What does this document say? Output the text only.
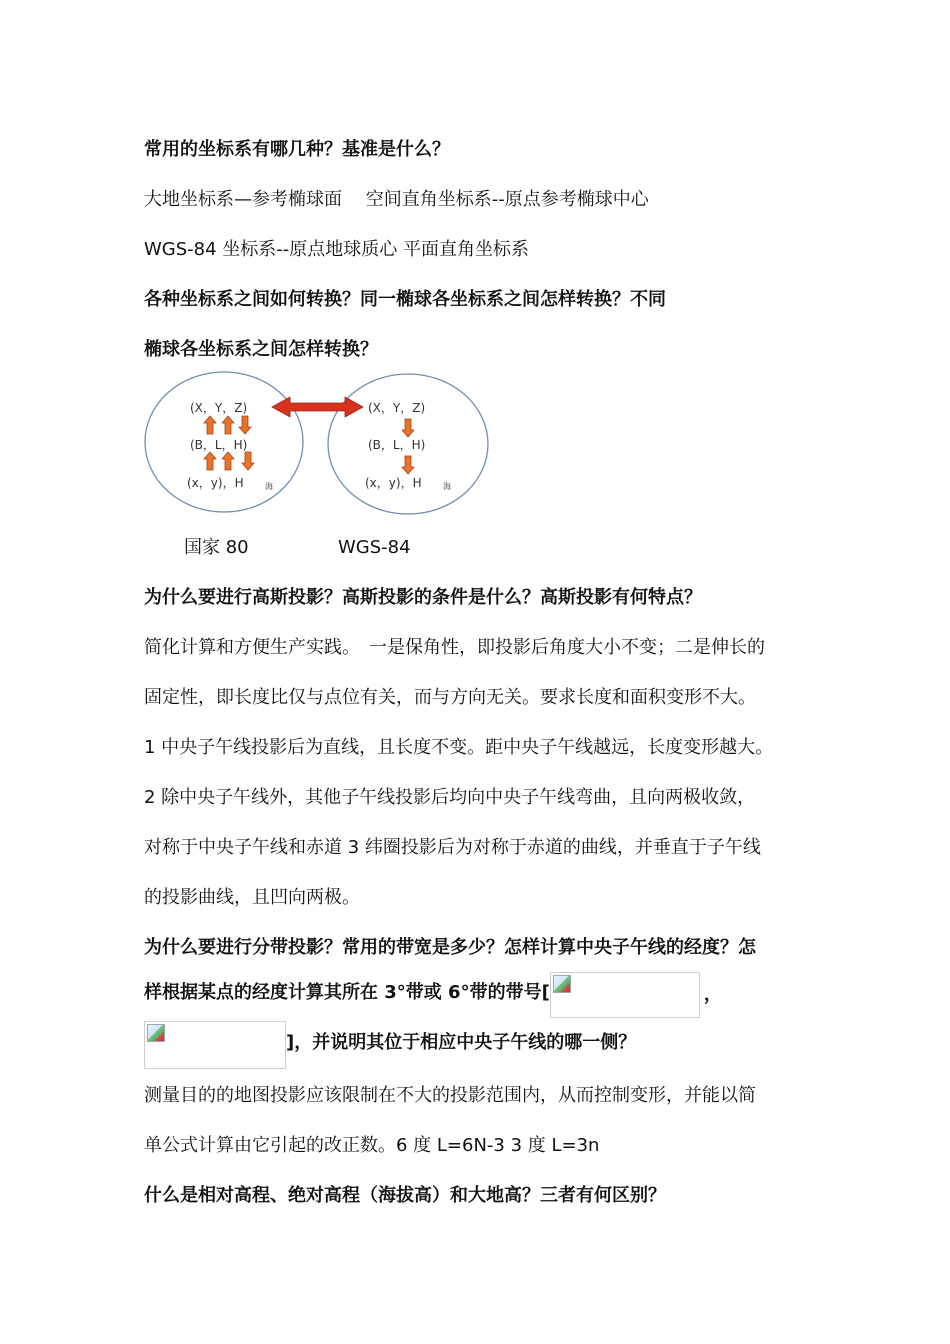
常用的坐标系有哪几种？基准是什么？
大地坐标系—参考椭球面　 空间直角坐标系--原点参考椭球中心
WGS-84 坐标系--原点地球质心 平面直角坐标系
各种坐标系之间如何转换？同一椭球各坐标系之间怎样转换？不同
椭球各坐标系之间怎样转换？
(X，Y，Z)
(B，L，H)
(x，y)，H	海
(X，Y，Z)
(B，L，H)
(x，y)，H	海
国家 80	WGS-84
为什么要进行高斯投影？高斯投影的条件是什么？高斯投影有何特点？
简化计算和方便生产实践。　一是保角性，即投影后角度大小不变；二是伸长的
固定性，即长度比仅与点位有关，而与方向无关。要求长度和面积变形不大。
1 中央子午线投影后为直线，且长度不变。距中央子午线越远，长度变形越大。
2 除中央子午线外，其他子午线投影后均向中央子午线弯曲，且向两极收敛，
对称于中央子午线和赤道 3 纬圈投影后为对称于赤道的曲线，并垂直于子午线
的投影曲线，且凹向两极。
为什么要进行分带投影？常用的带宽是多少？怎样计算中央子午线的经度？怎
样根据某点的经度计算其所在 3°带或 6°带的带号[	，
]，并说明其位于相应中央子午线的哪一侧？
测量目的的地图投影应该限制在不大的投影范围内，从而控制变形，并能以简
单公式计算由它引起的改正数。6 度 L=6N-3 3 度 L=3n
什么是相对高程、绝对高程（海拔高）和大地高？三者有何区别？
